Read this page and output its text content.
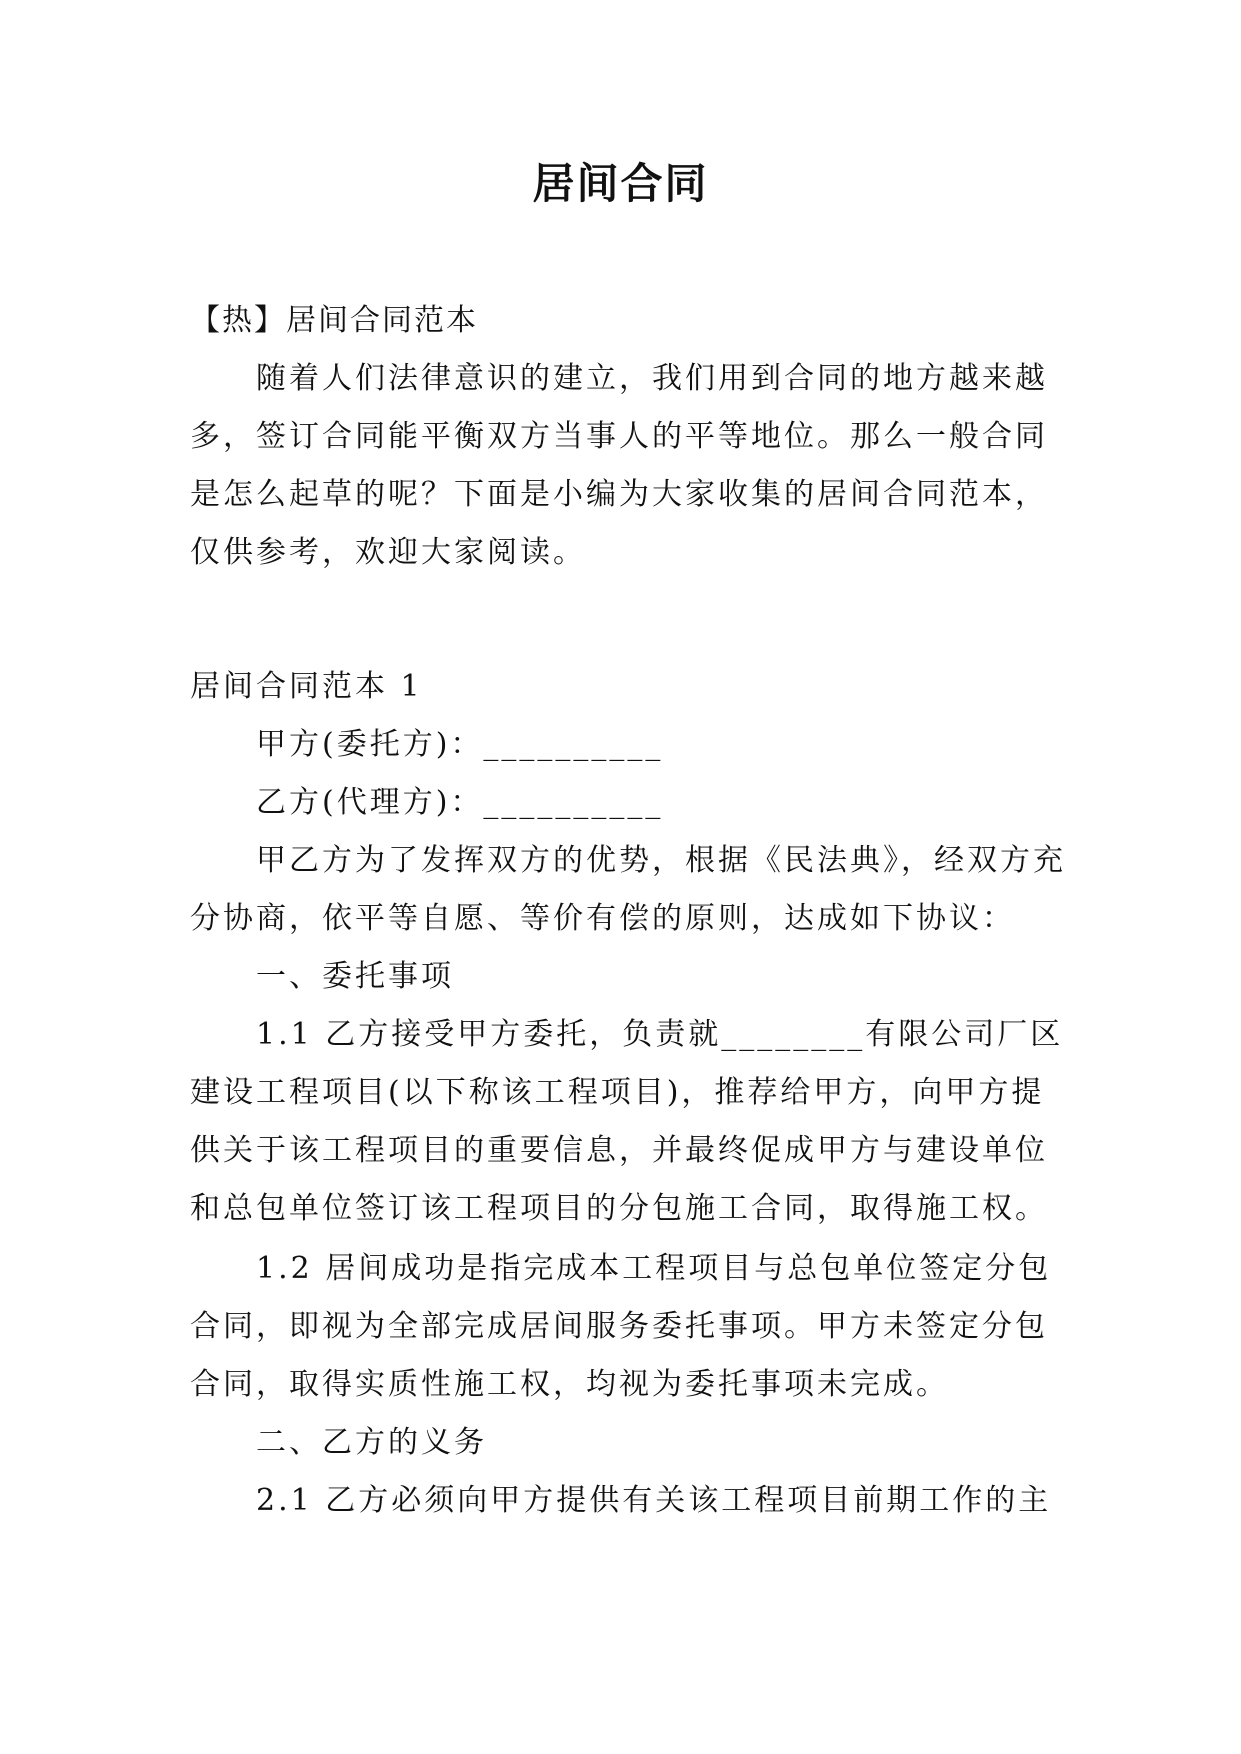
居间合同
【热】居间合同范本
随着人们法律意识的建立，我们用到合同的地方越来越多，签订合同能平衡双方当事人的平等地位。那么一般合同是怎么起草的呢？下面是小编为大家收集的居间合同范本，仅供参考，欢迎大家阅读。
居间合同范本 1
甲方(委托方)：__________
乙方(代理方)：__________
甲乙方为了发挥双方的优势，根据《民法典》，经双方充分协商，依平等自愿、等价有偿的原则，达成如下协议：
一、委托事项
1.1 乙方接受甲方委托，负责就________有限公司厂区建设工程项目(以下称该工程项目)，推荐给甲方，向甲方提供关于该工程项目的重要信息，并最终促成甲方与建设单位和总包单位签订该工程项目的分包施工合同，取得施工权。
1.2 居间成功是指完成本工程项目与总包单位签定分包合同，即视为全部完成居间服务委托事项。甲方未签定分包合同，取得实质性施工权，均视为委托事项未完成。
二、乙方的义务
2.1 乙方必须向甲方提供有关该工程项目前期工作的主
